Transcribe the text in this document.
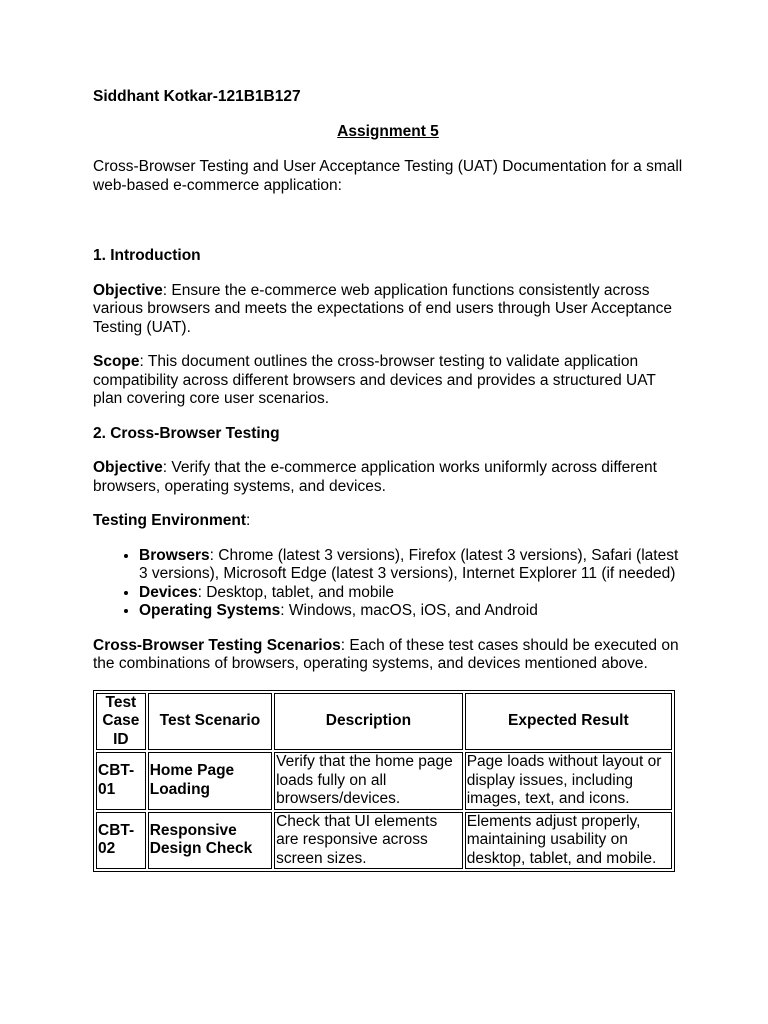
Siddhant Kotkar-121B1B127

Assignment 5

Cross-Browser Testing and User Acceptance Testing (UAT) Documentation for a small web-based e-commerce application:

1. Introduction

Objective: Ensure the e-commerce web application functions consistently across various browsers and meets the expectations of end users through User Acceptance Testing (UAT).

Scope: This document outlines the cross-browser testing to validate application compatibility across different browsers and devices and provides a structured UAT plan covering core user scenarios.

2. Cross-Browser Testing

Objective: Verify that the e-commerce application works uniformly across different browsers, operating systems, and devices.

Testing Environment:

• Browsers: Chrome (latest 3 versions), Firefox (latest 3 versions), Safari (latest 3 versions), Microsoft Edge (latest 3 versions), Internet Explorer 11 (if needed)
• Devices: Desktop, tablet, and mobile
• Operating Systems: Windows, macOS, iOS, and Android

Cross-Browser Testing Scenarios: Each of these test cases should be executed on the combinations of browsers, operating systems, and devices mentioned above.

Test Case ID	Test Scenario	Description	Expected Result
CBT-01	Home Page Loading	Verify that the home page loads fully on all browsers/devices.	Page loads without layout or display issues, including images, text, and icons.
CBT-02	Responsive Design Check	Check that UI elements are responsive across screen sizes.	Elements adjust properly, maintaining usability on desktop, tablet, and mobile.
